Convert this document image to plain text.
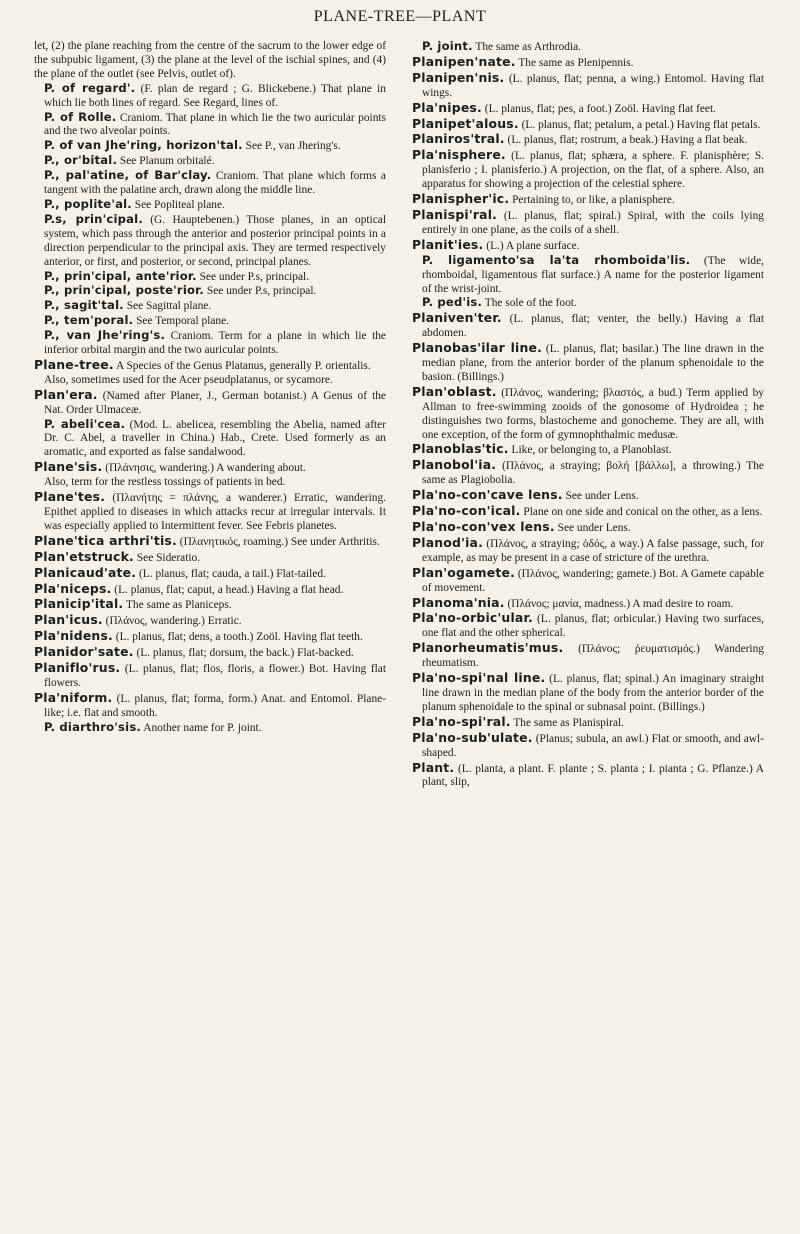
PLANE-TREE—PLANT

let, (2) the plane reaching from the centre of the sacrum to the lower edge of the subpubic ligament, (3) the plane at the level of the ischial spines, and (4) the plane of the outlet (see Pelvis, outlet of).

P. of regard'. (F. plan de regard ; G. Blickebene.) That plane in which lie both lines of regard. See Regard, lines of.

P. of Rolle. Craniom. That plane in which lie the two auricular points and the two alveolar points.

P. of van Jhe'ring, horizon'tal. See P., van Jhering's.

P., or'bital. See Planum orbitalé.

P., pal'atine, of Bar'clay. Craniom. That plane which forms a tangent with the palatine arch, drawn along the middle line.

P., poplite'al. See Popliteal plane.

P.s, prin'cipal. (G. Hauptebenen.) Those planes, in an optical system, which pass through the anterior and posterior principal points in a direction perpendicular to the principal axis. They are termed respectively anterior, or first, and posterior, or second, principal planes.

P., prin'cipal, ante'rior. See under P.s, principal.

P., prin'cipal, poste'rior. See under P.s, principal.

P., sagit'tal. See Sagittal plane.

P., tem'poral. See Temporal plane.

P., van Jhe'ring's. Craniom. Term for a plane in which lie the inferior orbital margin and the two auricular points.

Plane-tree. A Species of the Genus Platanus, generally P. orientalis.

Also, sometimes used for the Acer pseudplatanus, or sycamore.

Plan'era. (Named after Planer, J., German botanist.) A Genus of the Nat. Order Ulmaceæ.

P. abeli'cea. (Mod. L. abelicea, resembling the Abelia, named after Dr. C. Abel, a traveller in China.) Hab., Crete. Used formerly as an aromatic, and exported as false sandalwood.

Plane'sis. (Πλάνησις, wandering.) A wandering about.

Also, term for the restless tossings of patients in bed.

Plane'tes. (Πλανήτης = πλάνης, a wanderer.) Erratic, wandering. Epithet applied to diseases in which attacks recur at irregular intervals. It was especially applied to Intermittent fever. See Febris planetes.

Plane'tica arthri'tis. (Πλανητικός, roaming.) See under Arthritis.

Plan'etstruck. See Sideratio.

Planicaud'ate. (L. planus, flat; cauda, a tail.) Flat-tailed.

Pla'niceps. (L. planus, flat; caput, a head.) Having a flat head.

Planicip'ital. The same as Planiceps.

Plan'icus. (Πλάνος, wandering.) Erratic.

Pla'nidens. (L. planus, flat; dens, a tooth.) Zoöl. Having flat teeth.

Planidor'sate. (L. planus, flat; dorsum, the back.) Flat-backed.

Planiflo'rus. (L. planus, flat; flos, floris, a flower.) Bot. Having flat flowers.

Pla'niform. (L. planus, flat; forma, form.) Anat. and Entomol. Plane-like; i.e. flat and smooth.

P. diarthro'sis. Another name for P. joint.

P. joint. The same as Arthrodia.

Planipen'nate. The same as Plenipennis.

Planipen'nis. (L. planus, flat; penna, a wing.) Entomol. Having flat wings.

Pla'nipes. (L. planus, flat; pes, a foot.) Zoöl. Having flat feet.

Planipet'alous. (L. planus, flat; petalum, a petal.) Having flat petals.

Planiros'tral. (L. planus, flat; rostrum, a beak.) Having a flat beak.

Pla'nisphere. (L. planus, flat; sphæra, a sphere. F. planisphère; S. planisferio ; I. planisferio.) A projection, on the flat, of a sphere. Also, an apparatus for showing a projection of the celestial sphere.

Planispher'ic. Pertaining to, or like, a planisphere.

Planispi'ral. (L. planus, flat; spiral.) Spiral, with the coils lying entirely in one plane, as the coils of a shell.

Planit'ies. (L.) A plane surface.

P. ligamento'sa la'ta rhomboida'lis. (The wide, rhomboidal, ligamentous flat surface.) A name for the posterior ligament of the wrist-joint.

P. ped'is. The sole of the foot.

Planiven'ter. (L. planus, flat; venter, the belly.) Having a flat abdomen.

Planobas'ilar line. (L. planus, flat; basilar.) The line drawn in the median plane, from the anterior border of the planum sphenoidale to the basion. (Billings.)

Plan'oblast. (Πλάνος, wandering; βλαστός, a bud.) Term applied by Allman to free-swimming zooids of the gonosome of Hydroidea ; he distinguishes two forms, blastocheme and gonocheme. They are all, with one exception, of the form of gymnophthalmic medusæ.

Planoblas'tic. Like, or belonging to, a Planoblast.

Planobol'ia. (Πλάνος, a straying; βολή [βάλλω], a throwing.) The same as Plagiobolia.

Pla'no-con'cave lens. See under Lens.

Pla'no-con'ical. Plane on one side and conical on the other, as a lens.

Pla'no-con'vex lens. See under Lens.

Planod'ia. (Πλάνος, a straying; ὁδός, a way.) A false passage, such, for example, as may be present in a case of stricture of the urethra.

Plan'ogamete. (Πλάνος, wandering; gamete.) Bot. A Gamete capable of movement.

Planoma'nia. (Πλάνος; μανία, madness.) A mad desire to roam.

Pla'no-orbic'ular. (L. planus, flat; orbicular.) Having two surfaces, one flat and the other spherical.

Planorheumatis'mus. (Πλάνος; ῥευματισμός.) Wandering rheumatism.

Pla'no-spi'nal line. (L. planus, flat; spinal.) An imaginary straight line drawn in the median plane of the body from the anterior border of the planum sphenoidale to the spinal or subnasal point. (Billings.)

Pla'no-spi'ral. The same as Planispiral.

Pla'no-sub'ulate. (Planus; subula, an awl.) Flat or smooth, and awl-shaped.

Plant. (L. planta, a plant. F. plante ; S. planta ; I. pianta ; G. Pflanze.) A plant, slip,
